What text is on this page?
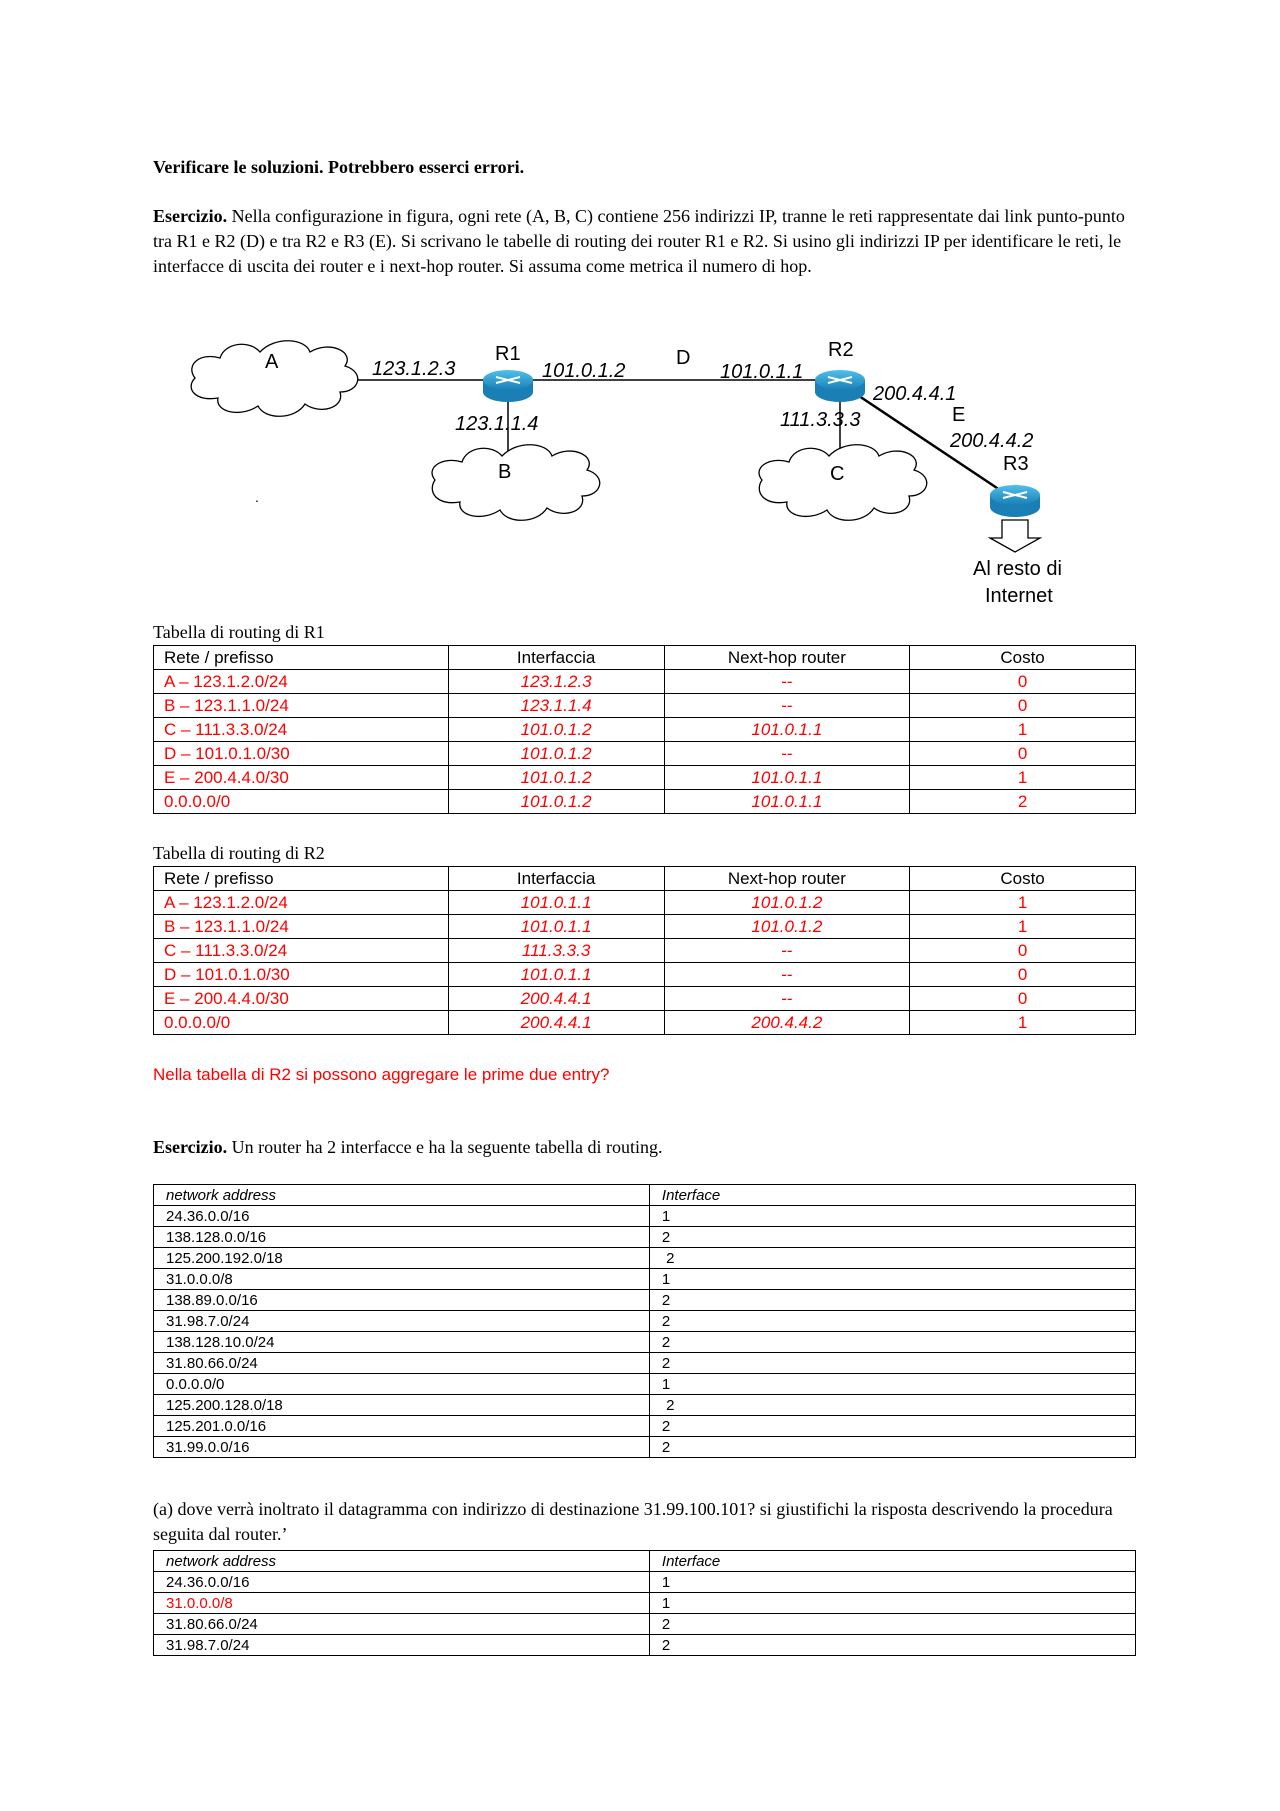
Verificare le soluzioni. Potrebbero esserci errori.
Esercizio. Nella configurazione in figura, ogni rete (A, B, C) contiene 256 indirizzi IP, tranne le reti rappresentate dai link punto-punto tra R1 e R2 (D) e tra R2 e R3 (E). Si scrivano le tabelle di routing dei router R1 e R2. Si usino gli indirizzi IP per identificare le reti, le interfacce di uscita dei router e i next-hop router. Si assuma come metrica il numero di hop.
A
B	C
D
E
R1	R2
R3
123.1.2.3	101.0.1.2
123.1.1.4
101.0.1.1
111.3.3.3
200.4.4.1
200.4.4.2
Al resto di
Internet
.
Tabella di routing di R1
Rete / prefisso	Interfaccia	Next-hop router	Costo
A – 123.1.2.0/24	123.1.2.3	--	0
B – 123.1.1.0/24	123.1.1.4	--	0
C – 111.3.3.0/24	101.0.1.2	101.0.1.1	1
D – 101.0.1.0/30	101.0.1.2	--	0
E – 200.4.4.0/30	101.0.1.2	101.0.1.1	1
0.0.0.0/0	101.0.1.2	101.0.1.1	2
Tabella di routing di R2
Rete / prefisso	Interfaccia	Next-hop router	Costo
A – 123.1.2.0/24	101.0.1.1	101.0.1.2	1
B – 123.1.1.0/24	101.0.1.1	101.0.1.2	1
C – 111.3.3.0/24	111.3.3.3	--	0
D – 101.0.1.0/30	101.0.1.1	--	0
E – 200.4.4.0/30	200.4.4.1	--	0
0.0.0.0/0	200.4.4.1	200.4.4.2	1
Nella tabella di R2 si possono aggregare le prime due entry?
Esercizio. Un router ha 2 interfacce e ha la seguente tabella di routing.
network address	Interface
24.36.0.0/16	1
138.128.0.0/16	2
125.200.192.0/18	2
31.0.0.0/8	1
138.89.0.0/16	2
31.98.7.0/24	2
138.128.10.0/24	2
31.80.66.0/24	2
0.0.0.0/0	1
125.200.128.0/18	2
125.201.0.0/16	2
31.99.0.0/16	2
(a) dove verrà inoltrato il datagramma con indirizzo di destinazione 31.99.100.101? si giustifichi la risposta descrivendo la procedura seguita dal router.’
network address	Interface
24.36.0.0/16	1
31.0.0.0/8	1
31.80.66.0/24	2
31.98.7.0/24	2
